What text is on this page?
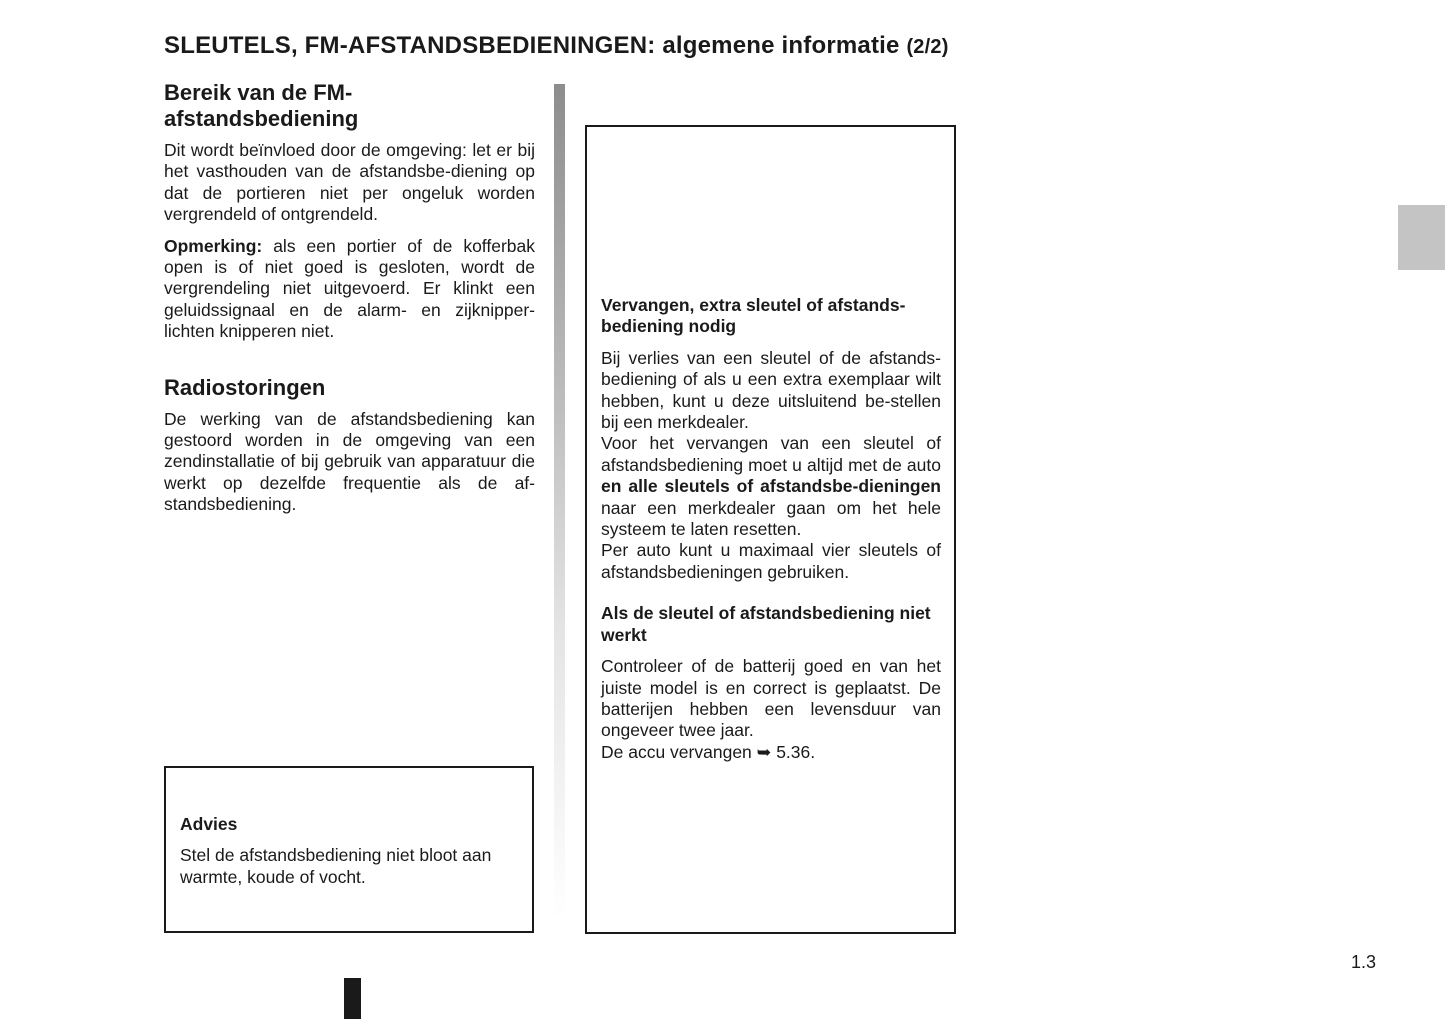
SLEUTELS, FM-AFSTANDSBEDIENINGEN: algemene informatie (2/2)
Bereik van de FM-
afstandsbediening

Dit wordt beïnvloed door de omgeving: let er bij het vasthouden van de afstandsbe-diening op dat de portieren niet per ongeluk worden vergrendeld of ontgrendeld.

Opmerking: als een portier of de kofferbak open is of niet goed is gesloten, wordt de vergrendeling niet uitgevoerd. Er klinkt een geluidssignaal en de alarm- en zijknipper-lichten knipperen niet.

Radiostoringen

De werking van de afstandsbediening kan gestoord worden in de omgeving van een zendinstallatie of bij gebruik van apparatuur die werkt op dezelfde frequentie als de af-standsbediening.

Advies

Stel de afstandsbediening niet bloot aan warmte, koude of vocht.

Vervangen, extra sleutel of afstands-bediening nodig

Bij verlies van een sleutel of de afstands-bediening of als u een extra exemplaar wilt hebben, kunt u deze uitsluitend be-stellen bij een merkdealer.

Voor het vervangen van een sleutel of afstandsbediening moet u altijd met de auto en alle sleutels of afstandsbe-dieningen naar een merkdealer gaan om het hele systeem te laten resetten.

Per auto kunt u maximaal vier sleutels of afstandsbedieningen gebruiken.

Als de sleutel of afstandsbediening niet werkt

Controleer of de batterij goed en van het juiste model is en correct is geplaatst. De batterijen hebben een levensduur van ongeveer twee jaar.

De accu vervangen ➥ 5.36.

1.3
